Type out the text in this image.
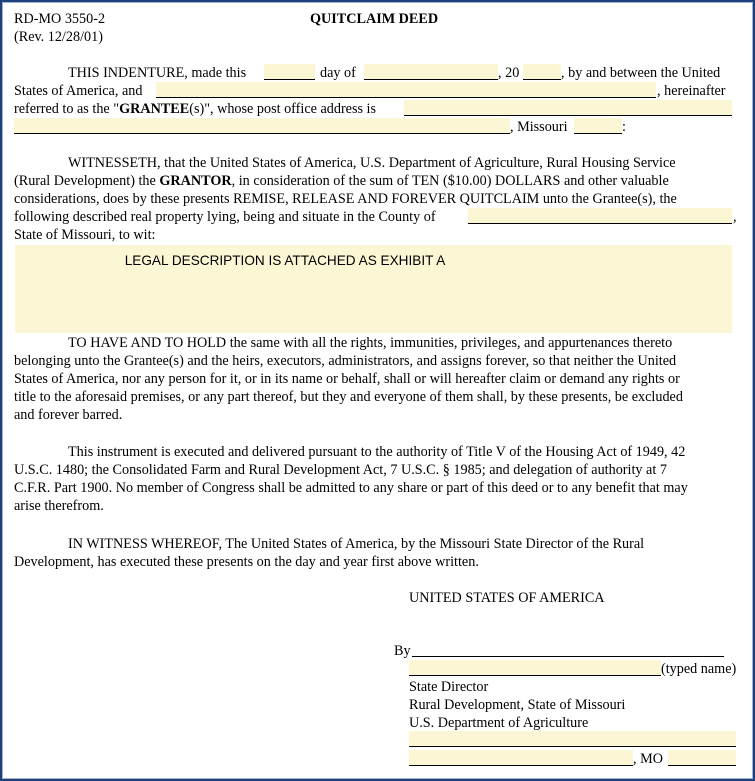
RD-MO 3550-2
(Rev. 12/28/01)
QUITCLAIM DEED
THIS INDENTURE, made this	day of	, 20	, by and between the United
States of America, and	, hereinafter
referred to as the "GRANTEE(s)", whose post office address is
, Missouri	:
WITNESSETH, that the United States of America, U.S. Department of Agriculture, Rural Housing Service
(Rural Development) the GRANTOR, in consideration of the sum of TEN ($10.00) DOLLARS and other valuable
considerations, does by these presents REMISE, RELEASE AND FOREVER QUITCLAIM unto the Grantee(s), the
following described real property lying, being and situate in the County of	,
State of Missouri, to wit:
LEGAL DESCRIPTION IS ATTACHED AS EXHIBIT A
TO HAVE AND TO HOLD the same with all the rights, immunities, privileges, and appurtenances thereto
belonging unto the Grantee(s) and the heirs, executors, administrators, and assigns forever, so that neither the United
States of America, nor any person for it, or in its name or behalf, shall or will hereafter claim or demand any rights or
title to the aforesaid premises, or any part thereof, but they and everyone of them shall, by these presents, be excluded
and forever barred.
This instrument is executed and delivered pursuant to the authority of Title V of the Housing Act of 1949, 42
U.S.C. 1480; the Consolidated Farm and Rural Development Act, 7 U.S.C. § 1985; and delegation of authority at 7
C.F.R. Part 1900. No member of Congress shall be admitted to any share or part of this deed or to any benefit that may
arise therefrom.
IN WITNESS WHEREOF, The United States of America, by the Missouri State Director of the Rural
Development, has executed these presents on the day and year first above written.
UNITED STATES OF AMERICA
By
(typed name)
State Director
Rural Development, State of Missouri
U.S. Department of Agriculture
, MO
